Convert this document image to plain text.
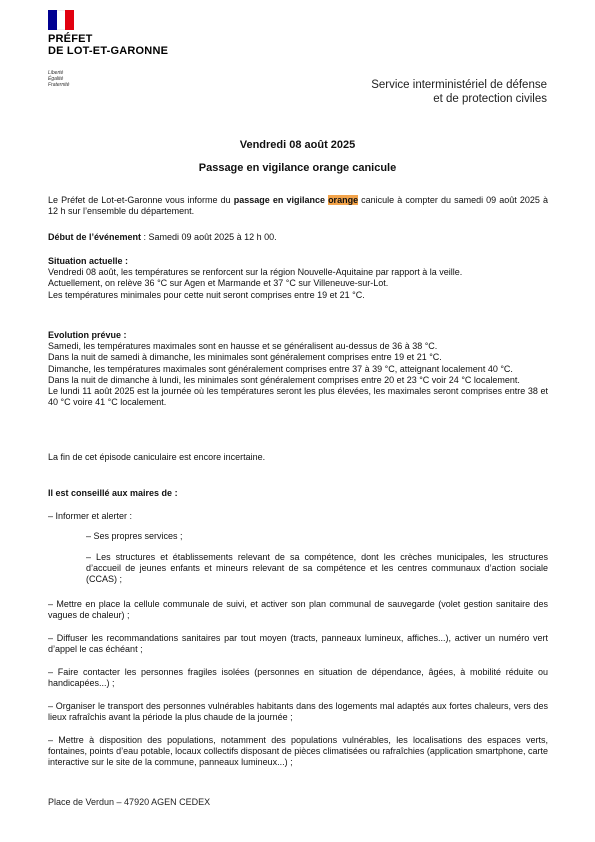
PRÉFET
DE LOT-ET-GARONNE
Liberté
Égalité
Fraternité	Service interministériel de défense
et de protection civiles
Vendredi 08 août 2025
Passage en vigilance orange canicule

Le Préfet de Lot-et-Garonne vous informe du passage en vigilance orange canicule à compter du samedi 09 août 2025 à 12 h sur l’ensemble du département.

Début de l’événement : Samedi 09 août 2025 à 12 h 00.

Situation actuelle :
Vendredi 08 août, les températures se renforcent sur la région Nouvelle-Aquitaine par rapport à la veille.
Actuellement, on relève 36 °C sur Agen et Marmande et 37 °C sur Villeneuve-sur-Lot.
Les températures minimales pour cette nuit seront comprises entre 19 et 21 °C.
Evolution prévue :
Samedi, les températures maximales sont en hausse et se généralisent au-dessus de 36 à 38 °C.
Dans la nuit de samedi à dimanche, les minimales sont généralement comprises entre 19 et 21 °C.
Dimanche, les températures maximales sont généralement comprises entre 37 à 39 °C, atteignant localement 40 °C.
Dans la nuit de dimanche à lundi, les minimales sont généralement comprises entre 20 et 23 °C voir 24 °C localement.
Le lundi 11 août 2025 est la journée où les températures seront les plus élevées, les maximales seront comprises entre 38 et 40 °C voire 41 °C localement.

La fin de cet épisode caniculaire est encore incertaine.

Il est conseillé aux maires de :

– Informer et alerter :

– Ses propres services ;

– Les structures et établissements relevant de sa compétence, dont les crèches municipales, les structures d’accueil de jeunes enfants et mineurs relevant de sa compétence et les centres communaux d’action sociale (CCAS) ;

– Mettre en place la cellule communale de suivi, et activer son plan communal de sauvegarde (volet gestion sanitaire des vagues de chaleur) ;

– Diffuser les recommandations sanitaires par tout moyen (tracts, panneaux lumineux, affiches...), activer un numéro vert d’appel le cas échéant ;

– Faire contacter les personnes fragiles isolées (personnes en situation de dépendance, âgées, à mobilité réduite ou handicapées...) ;

– Organiser le transport des personnes vulnérables habitants dans des logements mal adaptés aux fortes chaleurs, vers des lieux rafraîchis avant la période la plus chaude de la journée ;

– Mettre à disposition des populations, notamment des populations vulnérables, les localisations des espaces verts, fontaines, points d’eau potable, locaux collectifs disposant de pièces climatisées ou rafraîchies (application smartphone, carte interactive sur le site de la commune, panneaux lumineux...) ;

Place de Verdun – 47920 AGEN CEDEX
